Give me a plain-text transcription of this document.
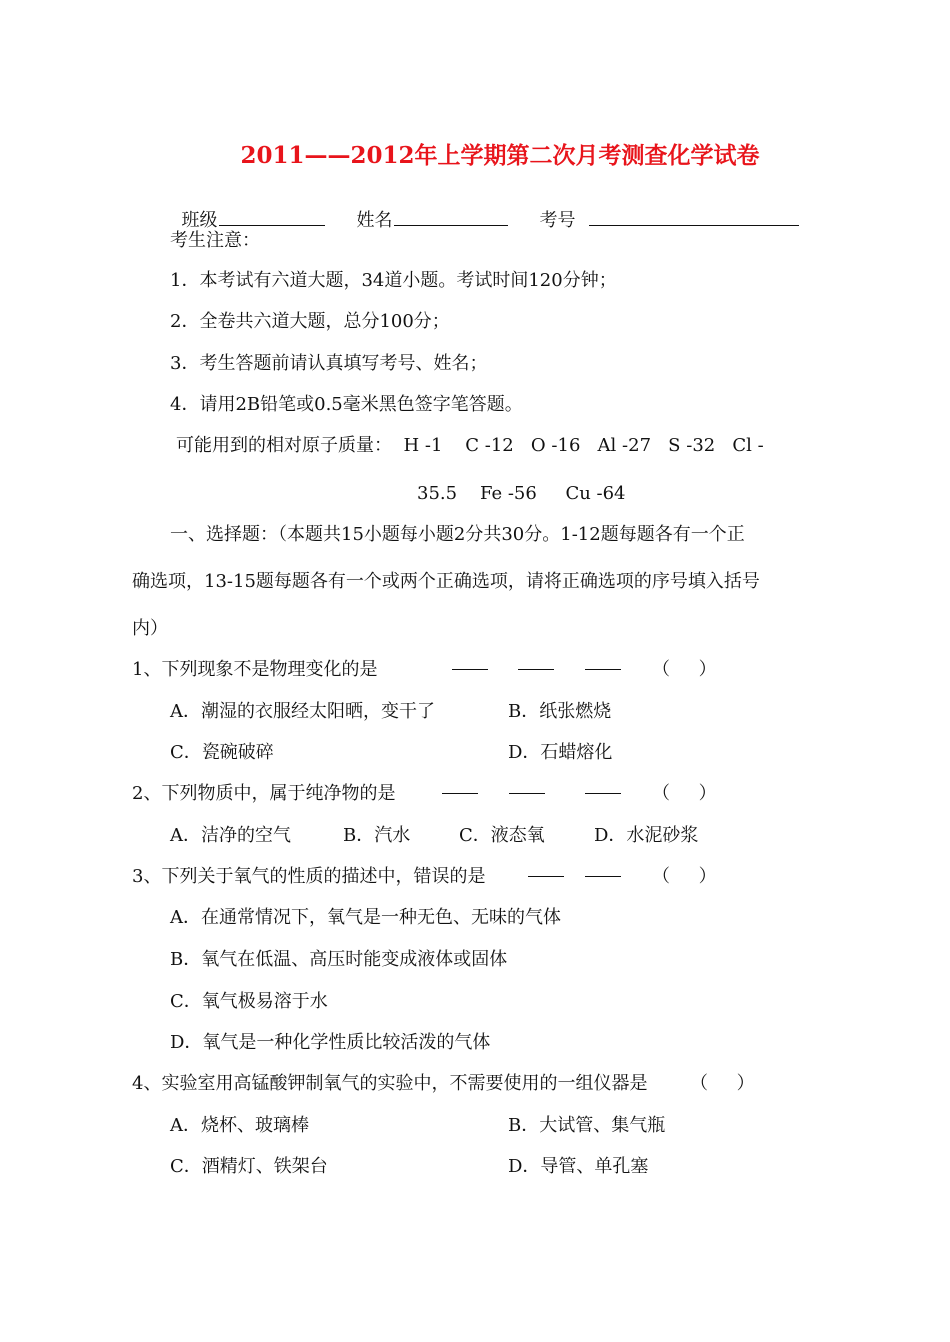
2011——2012年上学期第二次月考测查化学试卷

班级	姓名	考号

考生注意：
1．本考试有六道大题，34道小题。考试时间120分钟；
2．全卷共六道大题，总分100分；
3．考生答题前请认真填写考号、姓名；
4．请用2B铅笔或0.5毫米黑色签字笔答题。
可能用到的相对原子质量：  H -1    C -12   O -16   Al -27   S -32   Cl -
35.5    Fe -56     Cu -64
一、选择题：（本题共15小题每小题2分共30分。1-12题每题各有一个正
确选项，13-15题每题各有一个或两个正确选项，请将正确选项的序号填入括号
内）
1、下列现象不是物理变化的是	（     ）
A．潮湿的衣服经太阳晒，变干了	B．纸张燃烧
C．瓷碗破碎	D．石蜡熔化
2、下列物质中，属于纯净物的是	（     ）
A．洁净的空气	B．汽水	C．液态氧	D．水泥砂浆
3、下列关于氧气的性质的描述中，错误的是	（     ）
A．在通常情况下，氧气是一种无色、无味的气体
B．氧气在低温、高压时能变成液体或固体
C．氧气极易溶于水
D．氧气是一种化学性质比较活泼的气体
4、实验室用高锰酸钾制氧气的实验中，不需要使用的一组仪器是 （     ）
A．烧杯、玻璃棒	B．大试管、集气瓶
C．酒精灯、铁架台	D．导管、单孔塞
